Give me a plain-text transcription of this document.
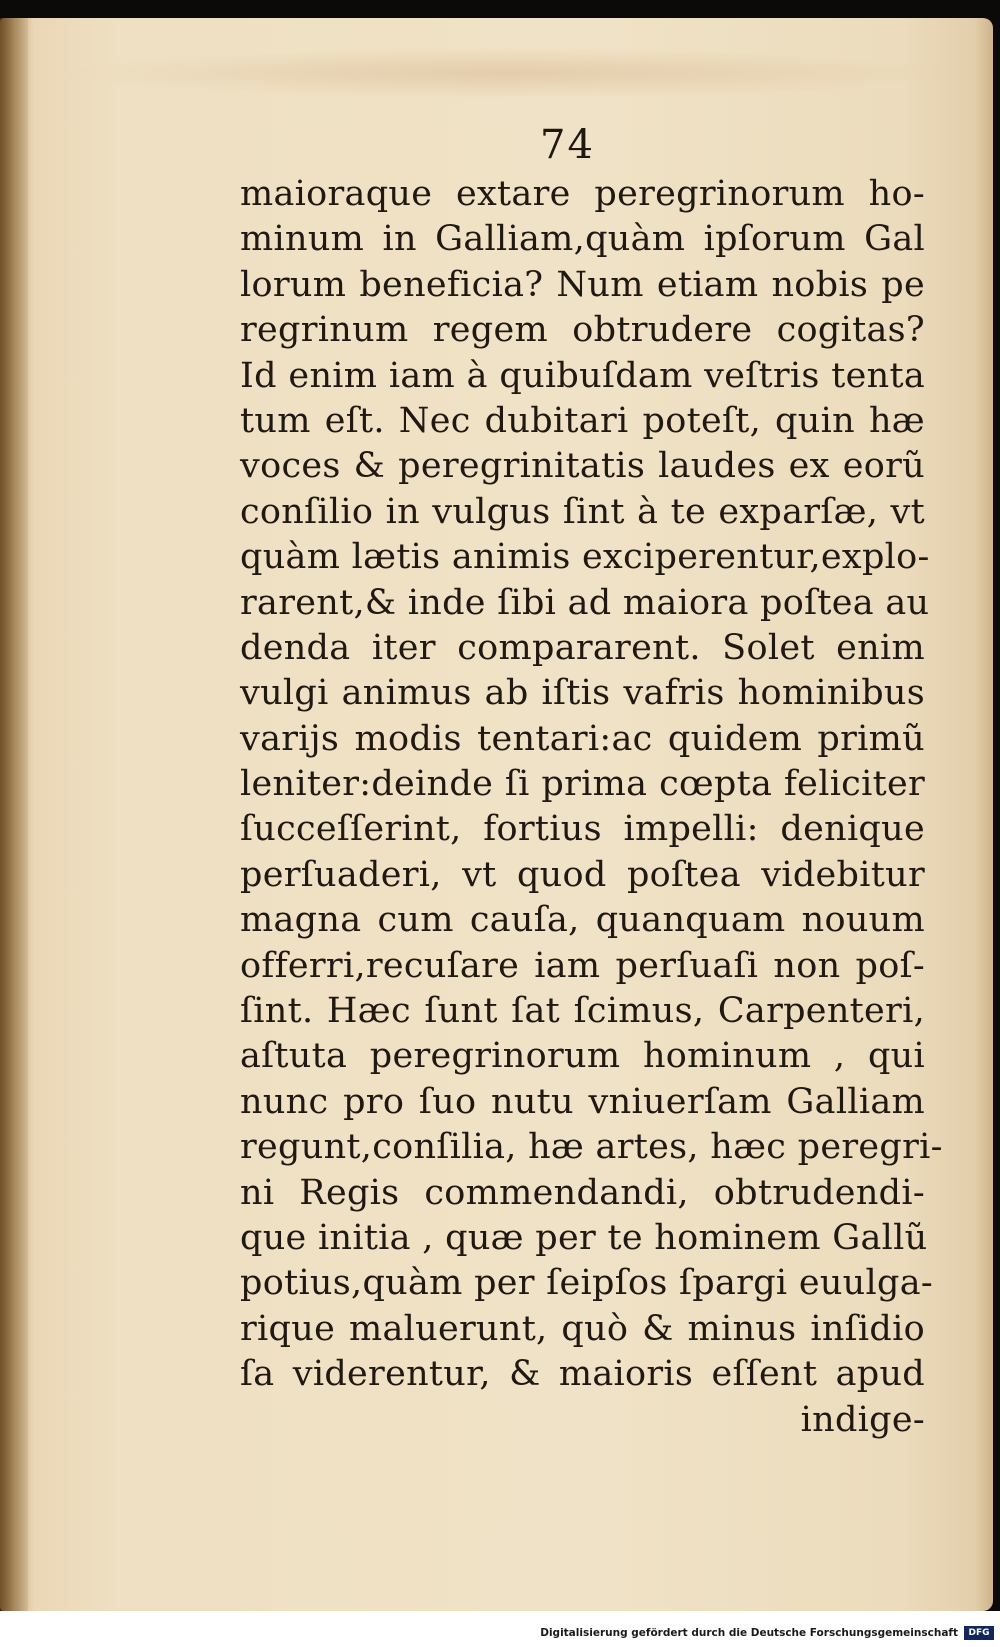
74
maioraque extare peregrinorum ho-
minum in Galliam,quàm ipſorum Gal
lorum beneficia? Num etiam nobis pe
regrinum regem obtrudere cogitas?
Id enim iam à quibuſdam veſtris tenta
tum eſt. Nec dubitari poteſt, quin hæ
voces & peregrinitatis laudes ex eorũ
conſilio in vulgus ſint à te exparſæ, vt
quàm lætis animis exciperentur,explo-
rarent,& inde ſibi ad maiora poſtea au
denda iter compararent. Solet enim
vulgi animus ab iſtis vafris hominibus
varijs modis tentari:ac quidem primũ
leniter:deinde ſi prima cœpta feliciter
ſucceſſerint, fortius impelli: denique
perſuaderi, vt quod poſtea videbitur
magna cum cauſa, quanquam nouum
offerri,recuſare iam perſuaſi non poſ-
ſint. Hæc ſunt ſat ſcimus, Carpenteri,
aſtuta peregrinorum hominum , qui
nunc pro ſuo nutu vniuerſam Galliam
regunt,conſilia, hæ artes, hæc peregri-
ni Regis commendandi, obtrudendi-
que initia , quæ per te hominem Gallũ
potius,quàm per ſeipſos ſpargi euulga-
rique maluerunt, quò & minus inſidio
ſa viderentur, & maioris eſſent apud
indige-
Digitalisierung gefördert durch die Deutsche Forschungsgemeinschaft	DFG
